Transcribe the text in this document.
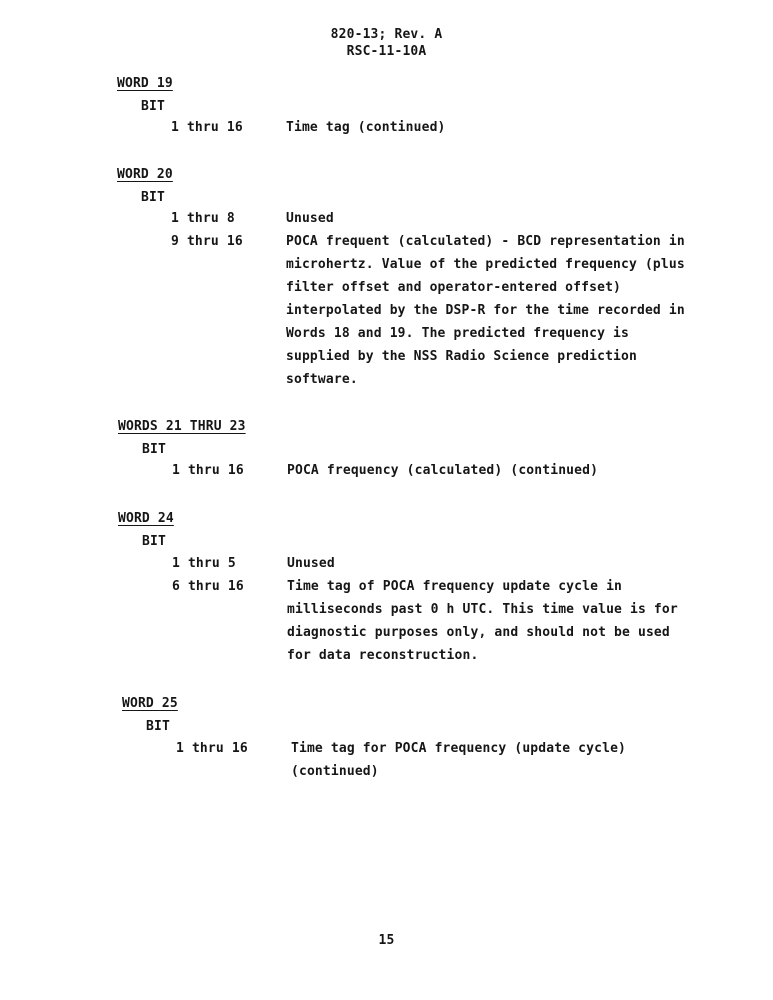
820-13; Rev. A
RSC-11-10A
WORD 19
BIT
1 thru 16	Time tag (continued)
WORD 20
BIT
1 thru 8	Unused
9 thru 16	POCA frequent (calculated) - BCD representation in
microhertz. Value of the predicted frequency (plus
filter offset and operator-entered offset)
interpolated by the DSP-R for the time recorded in
Words 18 and 19. The predicted frequency is
supplied by the NSS Radio Science prediction
software.
WORDS 21 THRU 23
BIT
1 thru 16	POCA frequency (calculated) (continued)
WORD 24
BIT
1 thru 5	Unused
6 thru 16	Time tag of POCA frequency update cycle in
milliseconds past 0 h UTC. This time value is for
diagnostic purposes only, and should not be used
for data reconstruction.
WORD 25
BIT
1 thru 16	Time tag for POCA frequency (update cycle)
(continued)
15
